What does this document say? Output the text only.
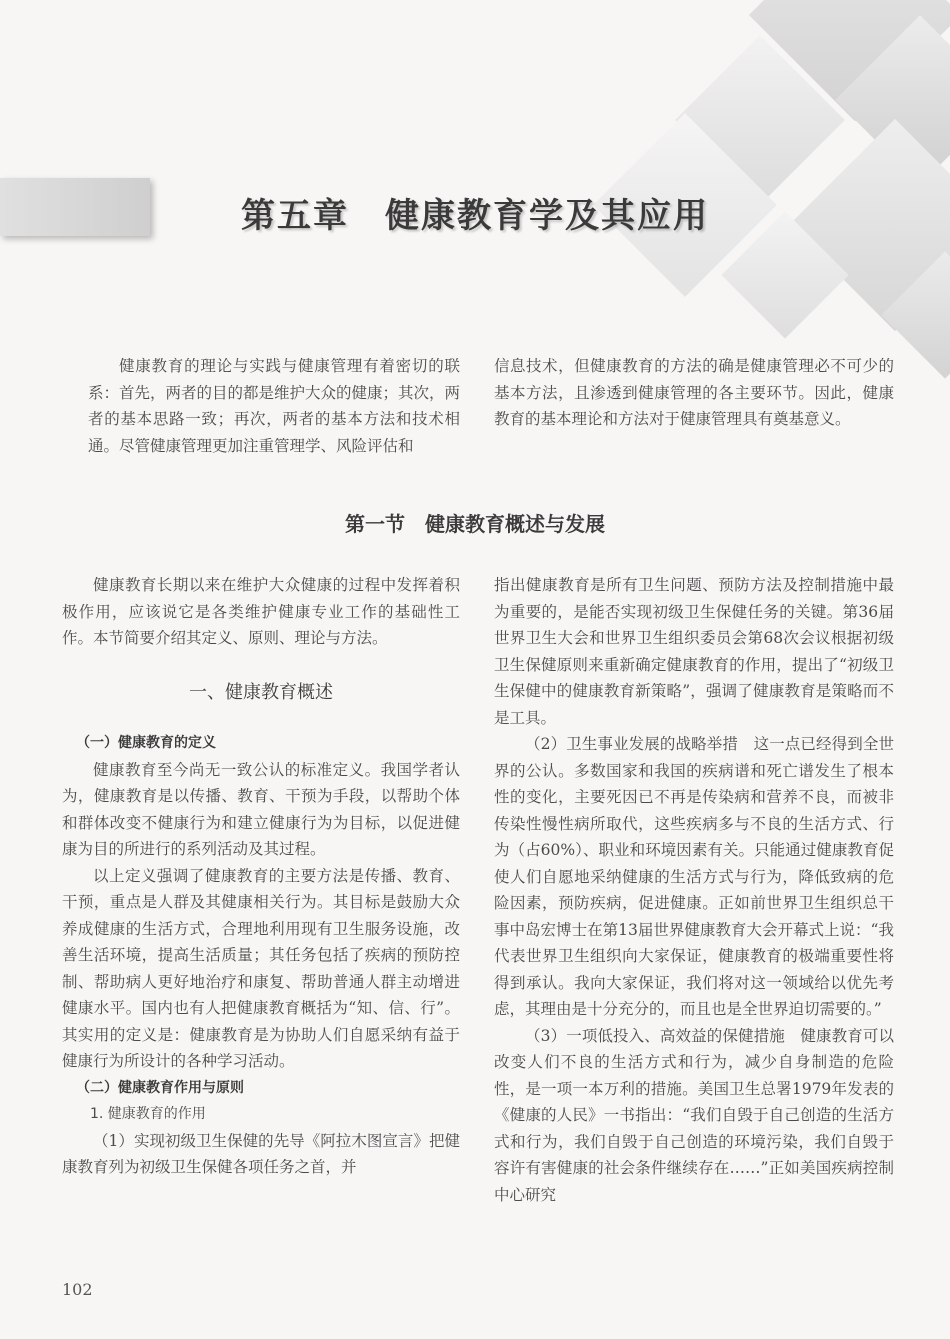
第五章　健康教育学及其应用

健康教育的理论与实践与健康管理有着密切的联系：首先，两者的目的都是维护大众的健康；其次，两者的基本思路一致；再次，两者的基本方法和技术相通。尽管健康管理更加注重管理学、风险评估和

信息技术，但健康教育的方法的确是健康管理必不可少的基本方法，且渗透到健康管理的各主要环节。因此，健康教育的基本理论和方法对于健康管理具有奠基意义。

第一节　健康教育概述与发展

健康教育长期以来在维护大众健康的过程中发挥着积极作用，应该说它是各类维护健康专业工作的基础性工作。本节简要介绍其定义、原则、理论与方法。

一、健康教育概述

（一）健康教育的定义

健康教育至今尚无一致公认的标准定义。我国学者认为，健康教育是以传播、教育、干预为手段，以帮助个体和群体改变不健康行为和建立健康行为为目标，以促进健康为目的所进行的系列活动及其过程。

以上定义强调了健康教育的主要方法是传播、教育、干预，重点是人群及其健康相关行为。其目标是鼓励大众养成健康的生活方式，合理地利用现有卫生服务设施，改善生活环境，提高生活质量；其任务包括了疾病的预防控制、帮助病人更好地治疗和康复、帮助普通人群主动增进健康水平。国内也有人把健康教育概括为“知、信、行”。其实用的定义是：健康教育是为协助人们自愿采纳有益于健康行为所设计的各种学习活动。

（二）健康教育作用与原则

1. 健康教育的作用

（1）实现初级卫生保健的先导《阿拉木图宣言》把健康教育列为初级卫生保健各项任务之首，并

指出健康教育是所有卫生问题、预防方法及控制措施中最为重要的，是能否实现初级卫生保健任务的关键。第36届世界卫生大会和世界卫生组织委员会第68次会议根据初级卫生保健原则来重新确定健康教育的作用，提出了“初级卫生保健中的健康教育新策略”，强调了健康教育是策略而不是工具。

（2）卫生事业发展的战略举措　这一点已经得到全世界的公认。多数国家和我国的疾病谱和死亡谱发生了根本性的变化，主要死因已不再是传染病和营养不良，而被非传染性慢性病所取代，这些疾病多与不良的生活方式、行为（占60%）、职业和环境因素有关。只能通过健康教育促使人们自愿地采纳健康的生活方式与行为，降低致病的危险因素，预防疾病，促进健康。正如前世界卫生组织总干事中岛宏博士在第13届世界健康教育大会开幕式上说：“我代表世界卫生组织向大家保证，健康教育的极端重要性将得到承认。我向大家保证，我们将对这一领域给以优先考虑，其理由是十分充分的，而且也是全世界迫切需要的。”

（3）一项低投入、高效益的保健措施　健康教育可以改变人们不良的生活方式和行为，减少自身制造的危险性，是一项一本万利的措施。美国卫生总署1979年发表的《健康的人民》一书指出：“我们自毁于自己创造的生活方式和行为，我们自毁于自己创造的环境污染，我们自毁于容许有害健康的社会条件继续存在……”正如美国疾病控制中心研究

102
